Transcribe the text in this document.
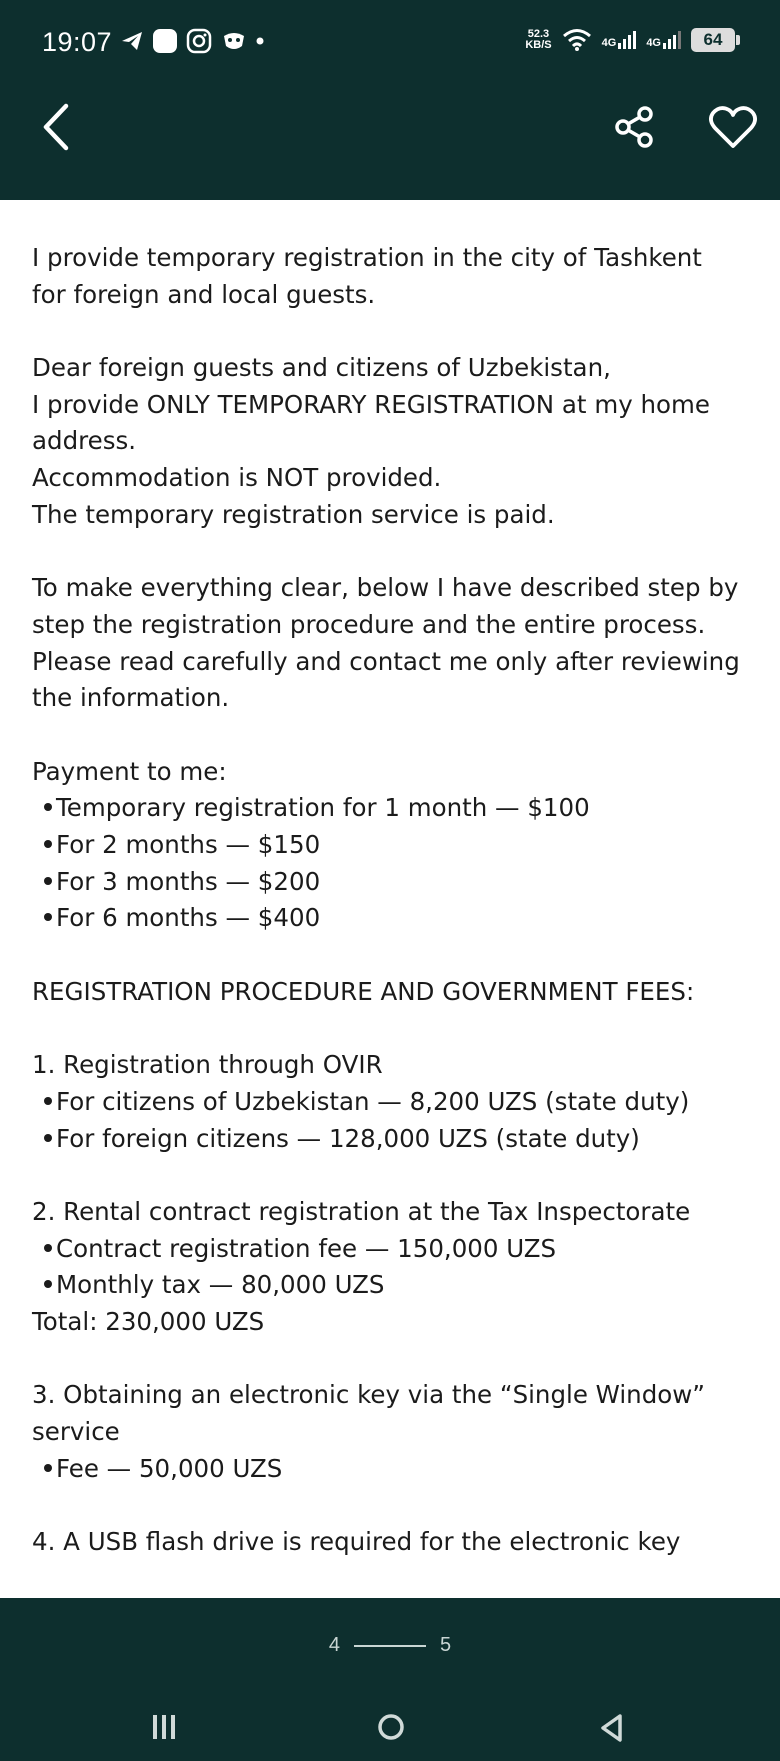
19:07	52.3
KB/S	4G	4G	64
I provide temporary registration in the city of Tashkent
for foreign and local guests.
Dear foreign guests and citizens of Uzbekistan,
I provide ONLY TEMPORARY REGISTRATION at my home
address.
Accommodation is NOT provided.
The temporary registration service is paid.
To make everything clear, below I have described step by
step the registration procedure and the entire process.
Please read carefully and contact me only after reviewing
the information.
Payment to me:
Temporary registration for 1 month — $100
For 2 months — $150
For 3 months — $200
For 6 months — $400
REGISTRATION PROCEDURE AND GOVERNMENT FEES:
1. Registration through OVIR
For citizens of Uzbekistan — 8,200 UZS (state duty)
For foreign citizens — 128,000 UZS (state duty)
2. Rental contract registration at the Tax Inspectorate
Contract registration fee — 150,000 UZS
Monthly tax — 80,000 UZS
Total: 230,000 UZS
3. Obtaining an electronic key via the “Single Window”
service
Fee — 50,000 UZS
4. A USB flash drive is required for the electronic key
4	5
